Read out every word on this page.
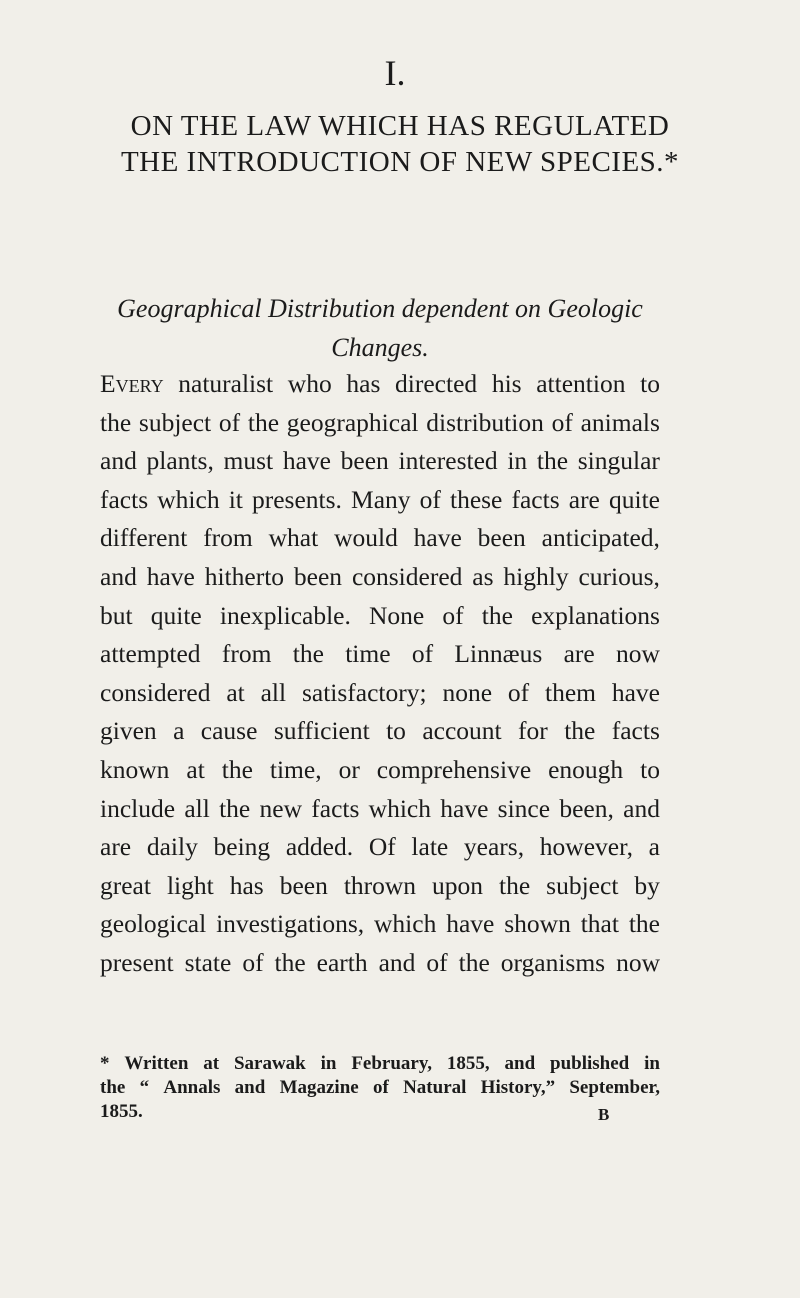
I.
ON THE LAW WHICH HAS REGULATED
THE INTRODUCTION OF NEW SPECIES.*
Geographical Distribution dependent on Geologic
Changes.
Every naturalist who has directed his attention to
the subject of the geographical distribution of animals
and plants, must have been interested in the singular
facts which it presents. Many of these facts are quite
different from what would have been anticipated,
and have hitherto been considered as highly curious,
but quite inexplicable. None of the explanations
attempted from the time of Linnæus are now
considered at all satisfactory; none of them have
given a cause sufficient to account for the facts
known at the time, or comprehensive enough to
include all the new facts which have since been, and
are daily being added. Of late years, however, a
great light has been thrown upon the subject by
geological investigations, which have shown that the
present state of the earth and of the organisms now
* Written at Sarawak in February, 1855, and published in
the “ Annals and Magazine of Natural History,” September,
1855.	B
